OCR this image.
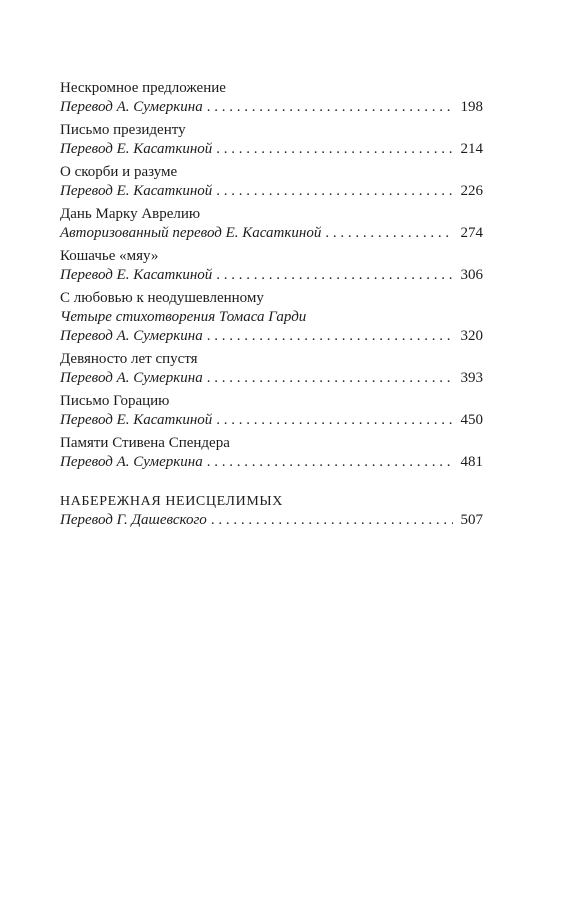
Нескромное предложение
Перевод А. Сумеркина . . .	198
Письмо президенту
Перевод Е. Касаткиной . . .	214
О скорби и разуме
Перевод Е. Касаткиной . . .	226
Дань Марку Аврелию
Авторизованный перевод Е. Касаткиной . . .	274
Кошачье «мяу»
Перевод Е. Касаткиной . . .	306
С любовью к неодушевленному
Четыре стихотворения Томаса Гарди
Перевод А. Сумеркина . . .	320
Девяносто лет спустя
Перевод А. Сумеркина . . .	393
Письмо Горацию
Перевод Е. Касаткиной . . .	450
Памяти Стивена Спендера
Перевод А. Сумеркина . . .	481
НАБЕРЕЖНАЯ НЕИСЦЕЛИМЫХ
Перевод Г. Дашевского . . .	507
